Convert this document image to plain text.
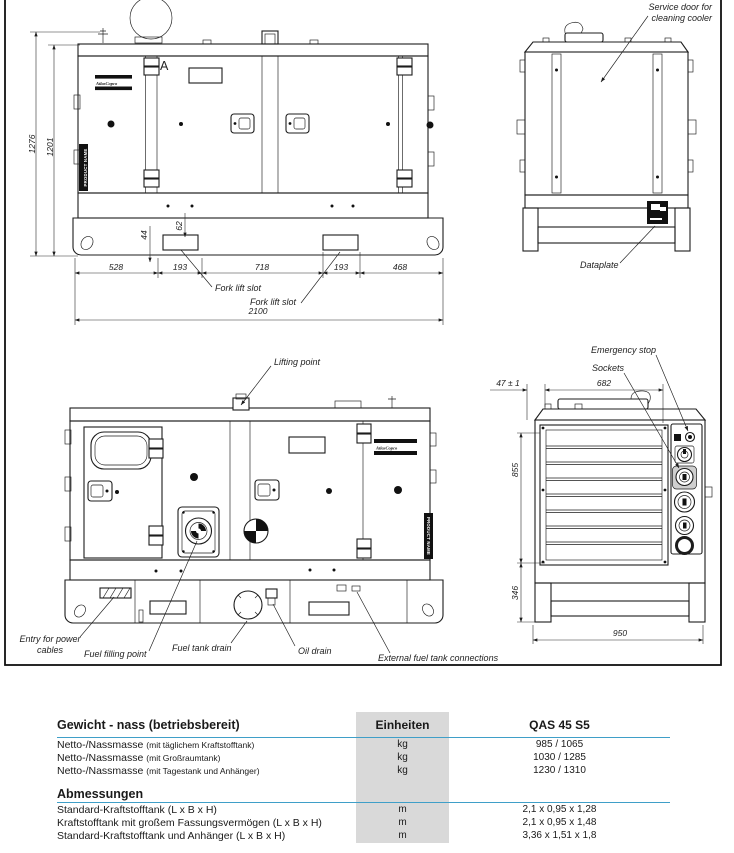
AtlasCopco
PRODUCT NAME
1276 1201
62
44
528	193	718	193	468
2100
Fork lift slot
Fork lift slot
A
Service door for
cleaning cooler
Dataplate
AtlasCopco
PRODUCT NAME
Lifting point
Entry for power
cables Fuel filling point
Fuel tank drain	Oil drain
External fuel tank connections
Emergency stop
Sockets
47 ± 1	682
855
346
950
Gewicht - nass (betriebsbereit)	Einheiten	QAS 45 S5
Netto-/Nassmasse (mit täglichem Kraftstofftank)	kg	985 / 1065
Netto-/Nassmasse (mit Großraumtank)	kg	1030 / 1285
Netto-/Nassmasse (mit Tagestank und Anhänger)	kg	1230 / 1310
Abmessungen
Standard-Kraftstofftank (L x B x H)	m	2,1 x 0,95 x 1,28
Kraftstofftank mit großem Fassungsvermögen (L x B x H)	m	2,1 x 0,95 x 1,48
Standard-Kraftstofftank und Anhänger (L x B x H)	m	3,36 x 1,51 x 1,8
